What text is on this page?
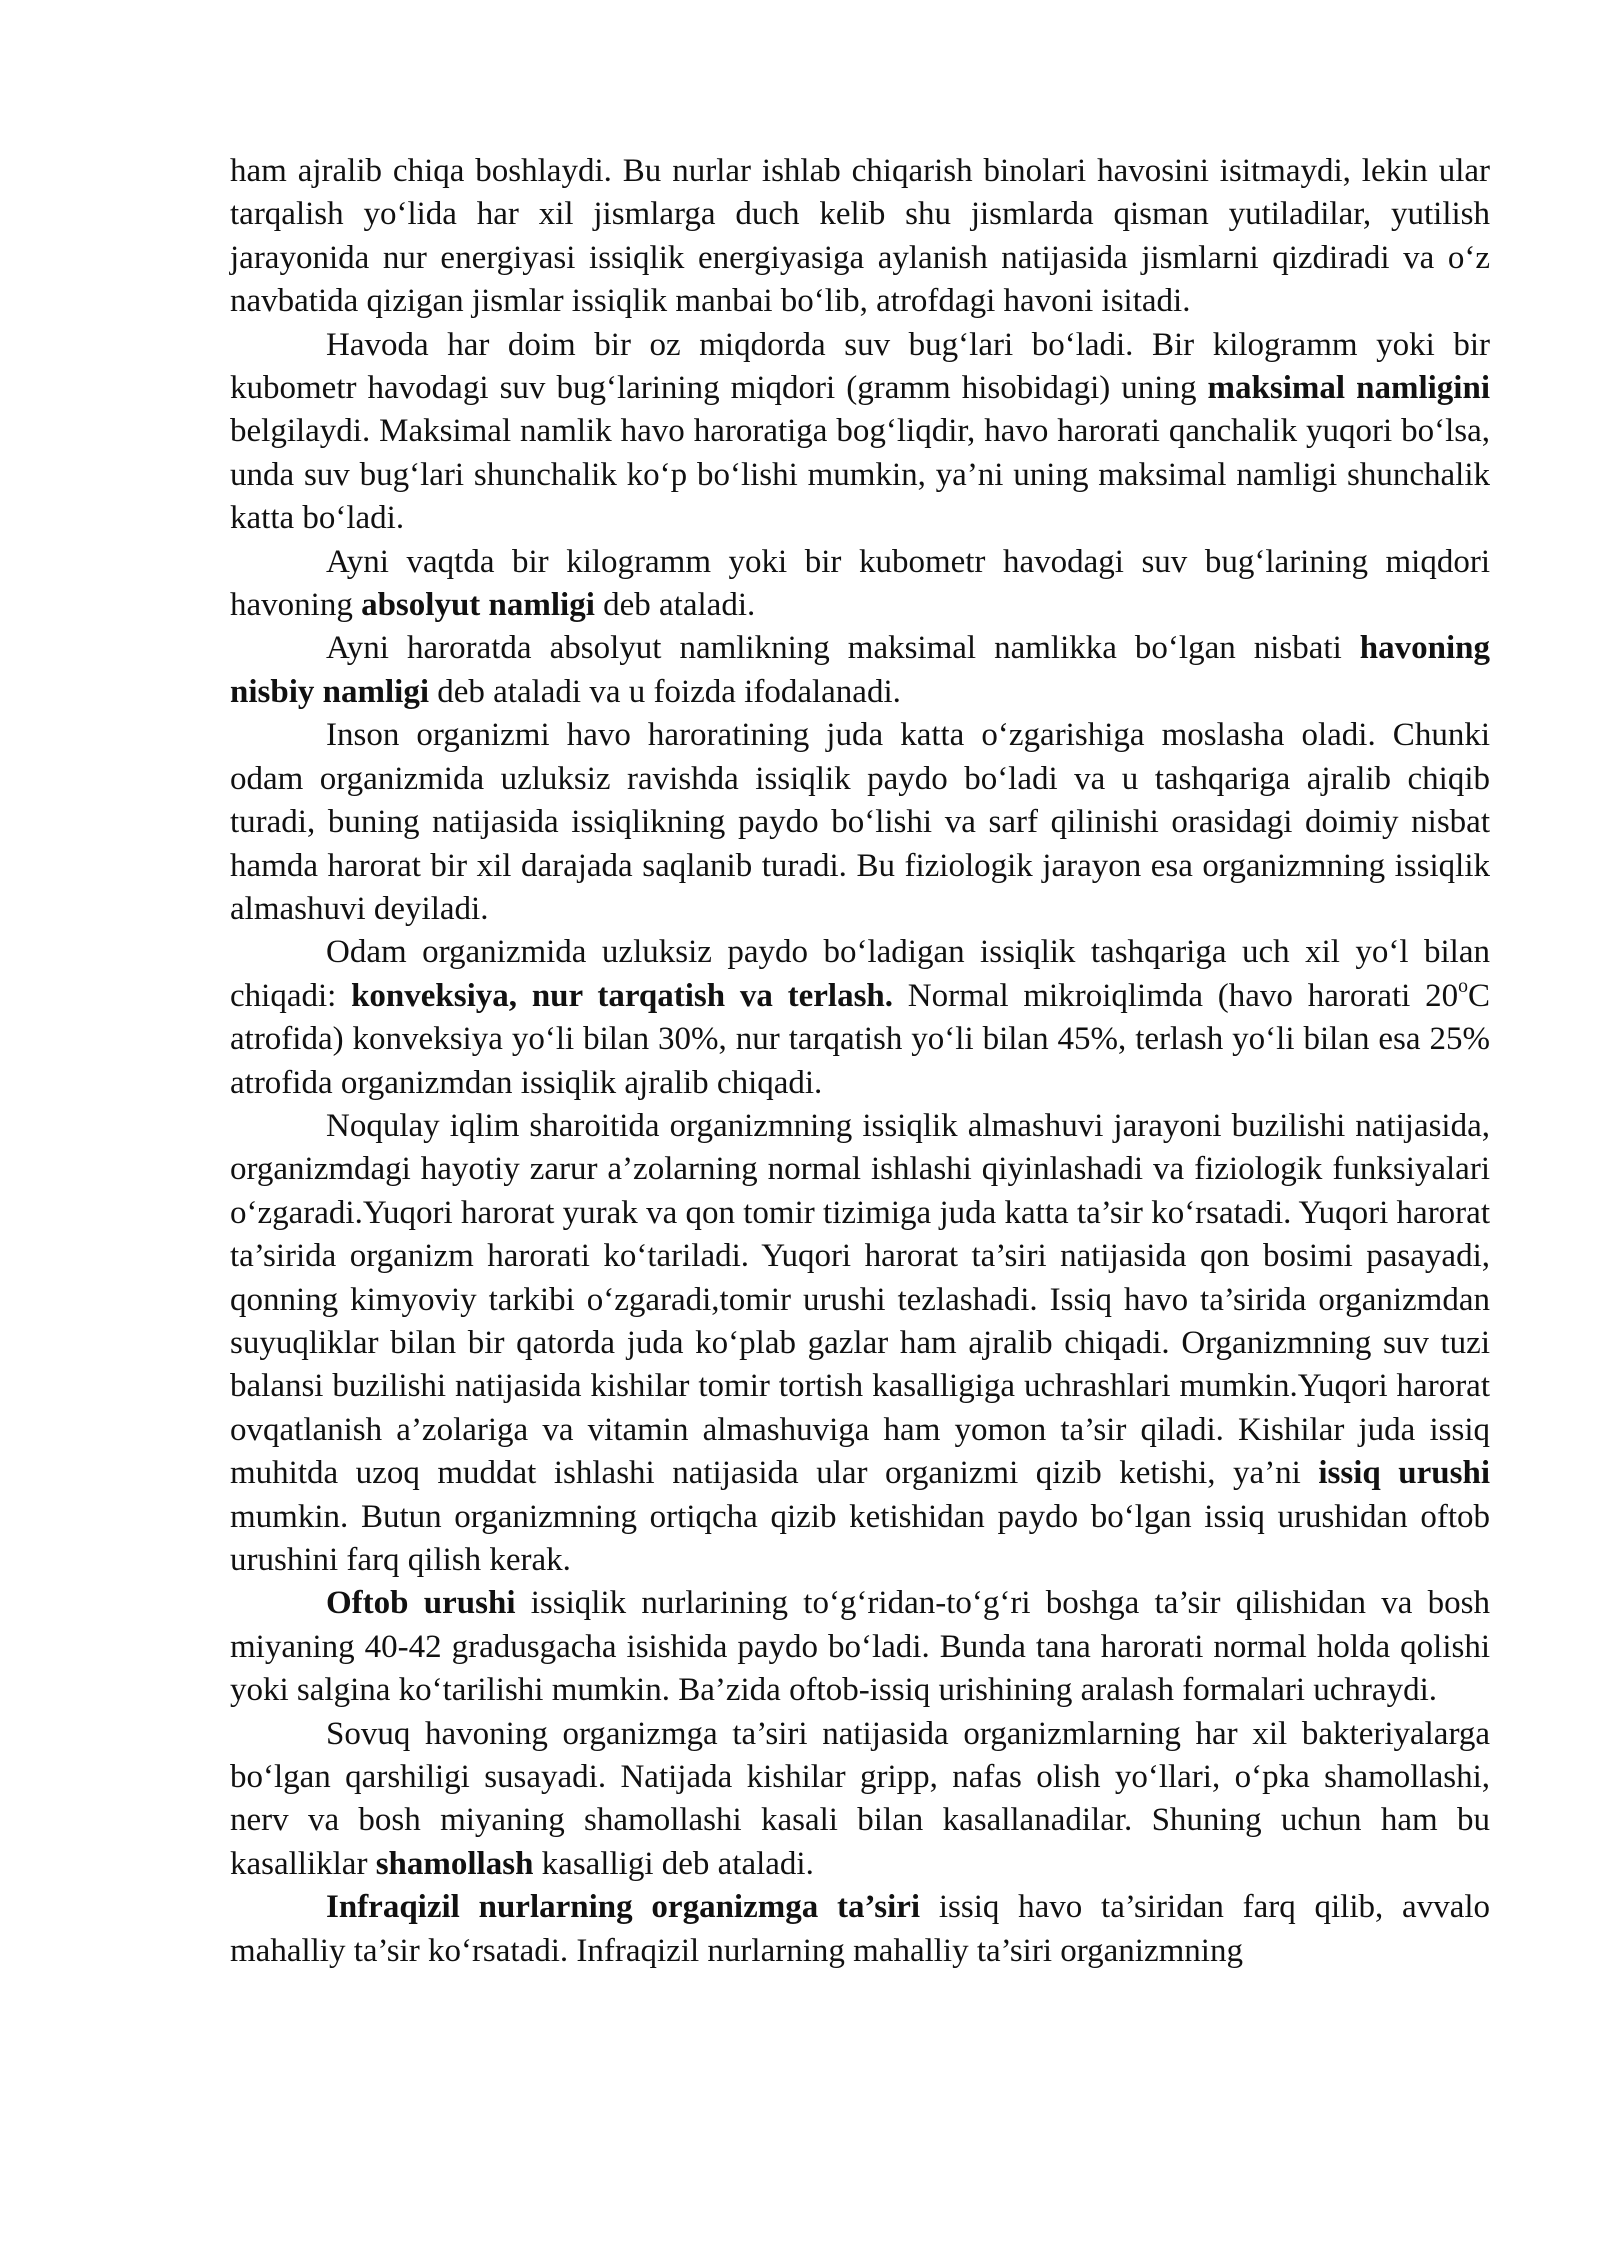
ham ajralib chiqa boshlaydi. Bu nurlar ishlab chiqarish binolari havosini isitmaydi, lekin ular tarqalish yo‘lida har xil jismlarga duch kelib shu jismlarda qisman yutiladilar, yutilish jarayonida nur energiyasi issiqlik energiyasiga aylanish natijasida jismlarni qizdiradi va o‘z navbatida qizigan jismlar issiqlik manbai bo‘lib, atrofdagi havoni isitadi.

Havoda har doim bir oz miqdorda suv bug‘lari bo‘ladi. Bir kilogramm yoki bir kubometr havodagi suv bug‘larining miqdori (gramm hisobidagi) uning maksimal namligini belgilaydi. Maksimal namlik havo haroratiga bog‘liqdir, havo harorati qanchalik yuqori bo‘lsa, unda suv bug‘lari shunchalik ko‘p bo‘lishi mumkin, ya’ni uning maksimal namligi shunchalik katta bo‘ladi.

Ayni vaqtda bir kilogramm yoki bir kubometr havodagi suv bug‘larining miqdori havoning absolyut namligi deb ataladi.

Ayni haroratda absolyut namlikning maksimal namlikka bo‘lgan nisbati havoning nisbiy namligi deb ataladi va u foizda ifodalanadi.

Inson organizmi havo haroratining juda katta o‘zgarishiga moslasha oladi. Chunki odam organizmida uzluksiz ravishda issiqlik paydo bo‘ladi va u tashqariga ajralib chiqib turadi, buning natijasida issiqlikning paydo bo‘lishi va sarf qilinishi orasidagi doimiy nisbat hamda harorat bir xil darajada saqlanib turadi. Bu fiziologik jarayon esa organizmning issiqlik almashuvi deyiladi.

Odam organizmida uzluksiz paydo bo‘ladigan issiqlik tashqariga uch xil yo‘l bilan chiqadi: konveksiya, nur tarqatish va terlash. Normal mikroiqlimda (havo harorati 20$^o$C atrofida) konveksiya yo‘li bilan 30%, nur tarqatish yo‘li bilan 45%, terlash yo‘li bilan esa 25% atrofida organizmdan issiqlik ajralib chiqadi.

Noqulay iqlim sharoitida organizmning issiqlik almashuvi jarayoni buzilishi natijasida, organizmdagi hayotiy zarur a’zolarning normal ishlashi qiyinlashadi va fiziologik funksiyalari o‘zgaradi.Yuqori harorat yurak va qon tomir tizimiga juda katta ta’sir ko‘rsatadi. Yuqori harorat ta’sirida organizm harorati ko‘tariladi. Yuqori harorat ta’siri natijasida qon bosimi pasayadi, qonning kimyoviy tarkibi o‘zgaradi,tomir urushi tezlashadi. Issiq havo ta’sirida organizmdan suyuqliklar bilan bir qatorda juda ko‘plab gazlar ham ajralib chiqadi. Organizmning suv tuzi balansi buzilishi natijasida kishilar tomir tortish kasalligiga uchrashlari mumkin.Yuqori harorat ovqatlanish a’zolariga va vitamin almashuviga ham yomon ta’sir qiladi. Kishilar juda issiq muhitda uzoq muddat ishlashi natijasida ular organizmi qizib ketishi, ya’ni issiq urushi mumkin. Butun organizmning ortiqcha qizib ketishidan paydo bo‘lgan issiq urushidan oftob urushini farq qilish kerak.

Oftob urushi issiqlik nurlarining to‘g‘ridan-to‘g‘ri boshga ta’sir qilishidan va bosh miyaning 40-42 gradusgacha isishida paydo bo‘ladi. Bunda tana harorati normal holda qolishi yoki salgina ko‘tarilishi mumkin. Ba’zida oftob-issiq urishining aralash formalari uchraydi.

Sovuq havoning organizmga ta’siri natijasida organizmlarning har xil bakteriyalarga bo‘lgan qarshiligi susayadi. Natijada kishilar gripp, nafas olish yo‘llari, o‘pka shamollashi, nerv va bosh miyaning shamollashi kasali bilan kasallanadilar. Shuning uchun ham bu kasalliklar shamollash kasalligi deb ataladi.

Infraqizil nurlarning organizmga ta’siri issiq havo ta’siridan farq qilib, avvalo mahalliy ta’sir ko‘rsatadi. Infraqizil nurlarning mahalliy ta’siri organizmning
